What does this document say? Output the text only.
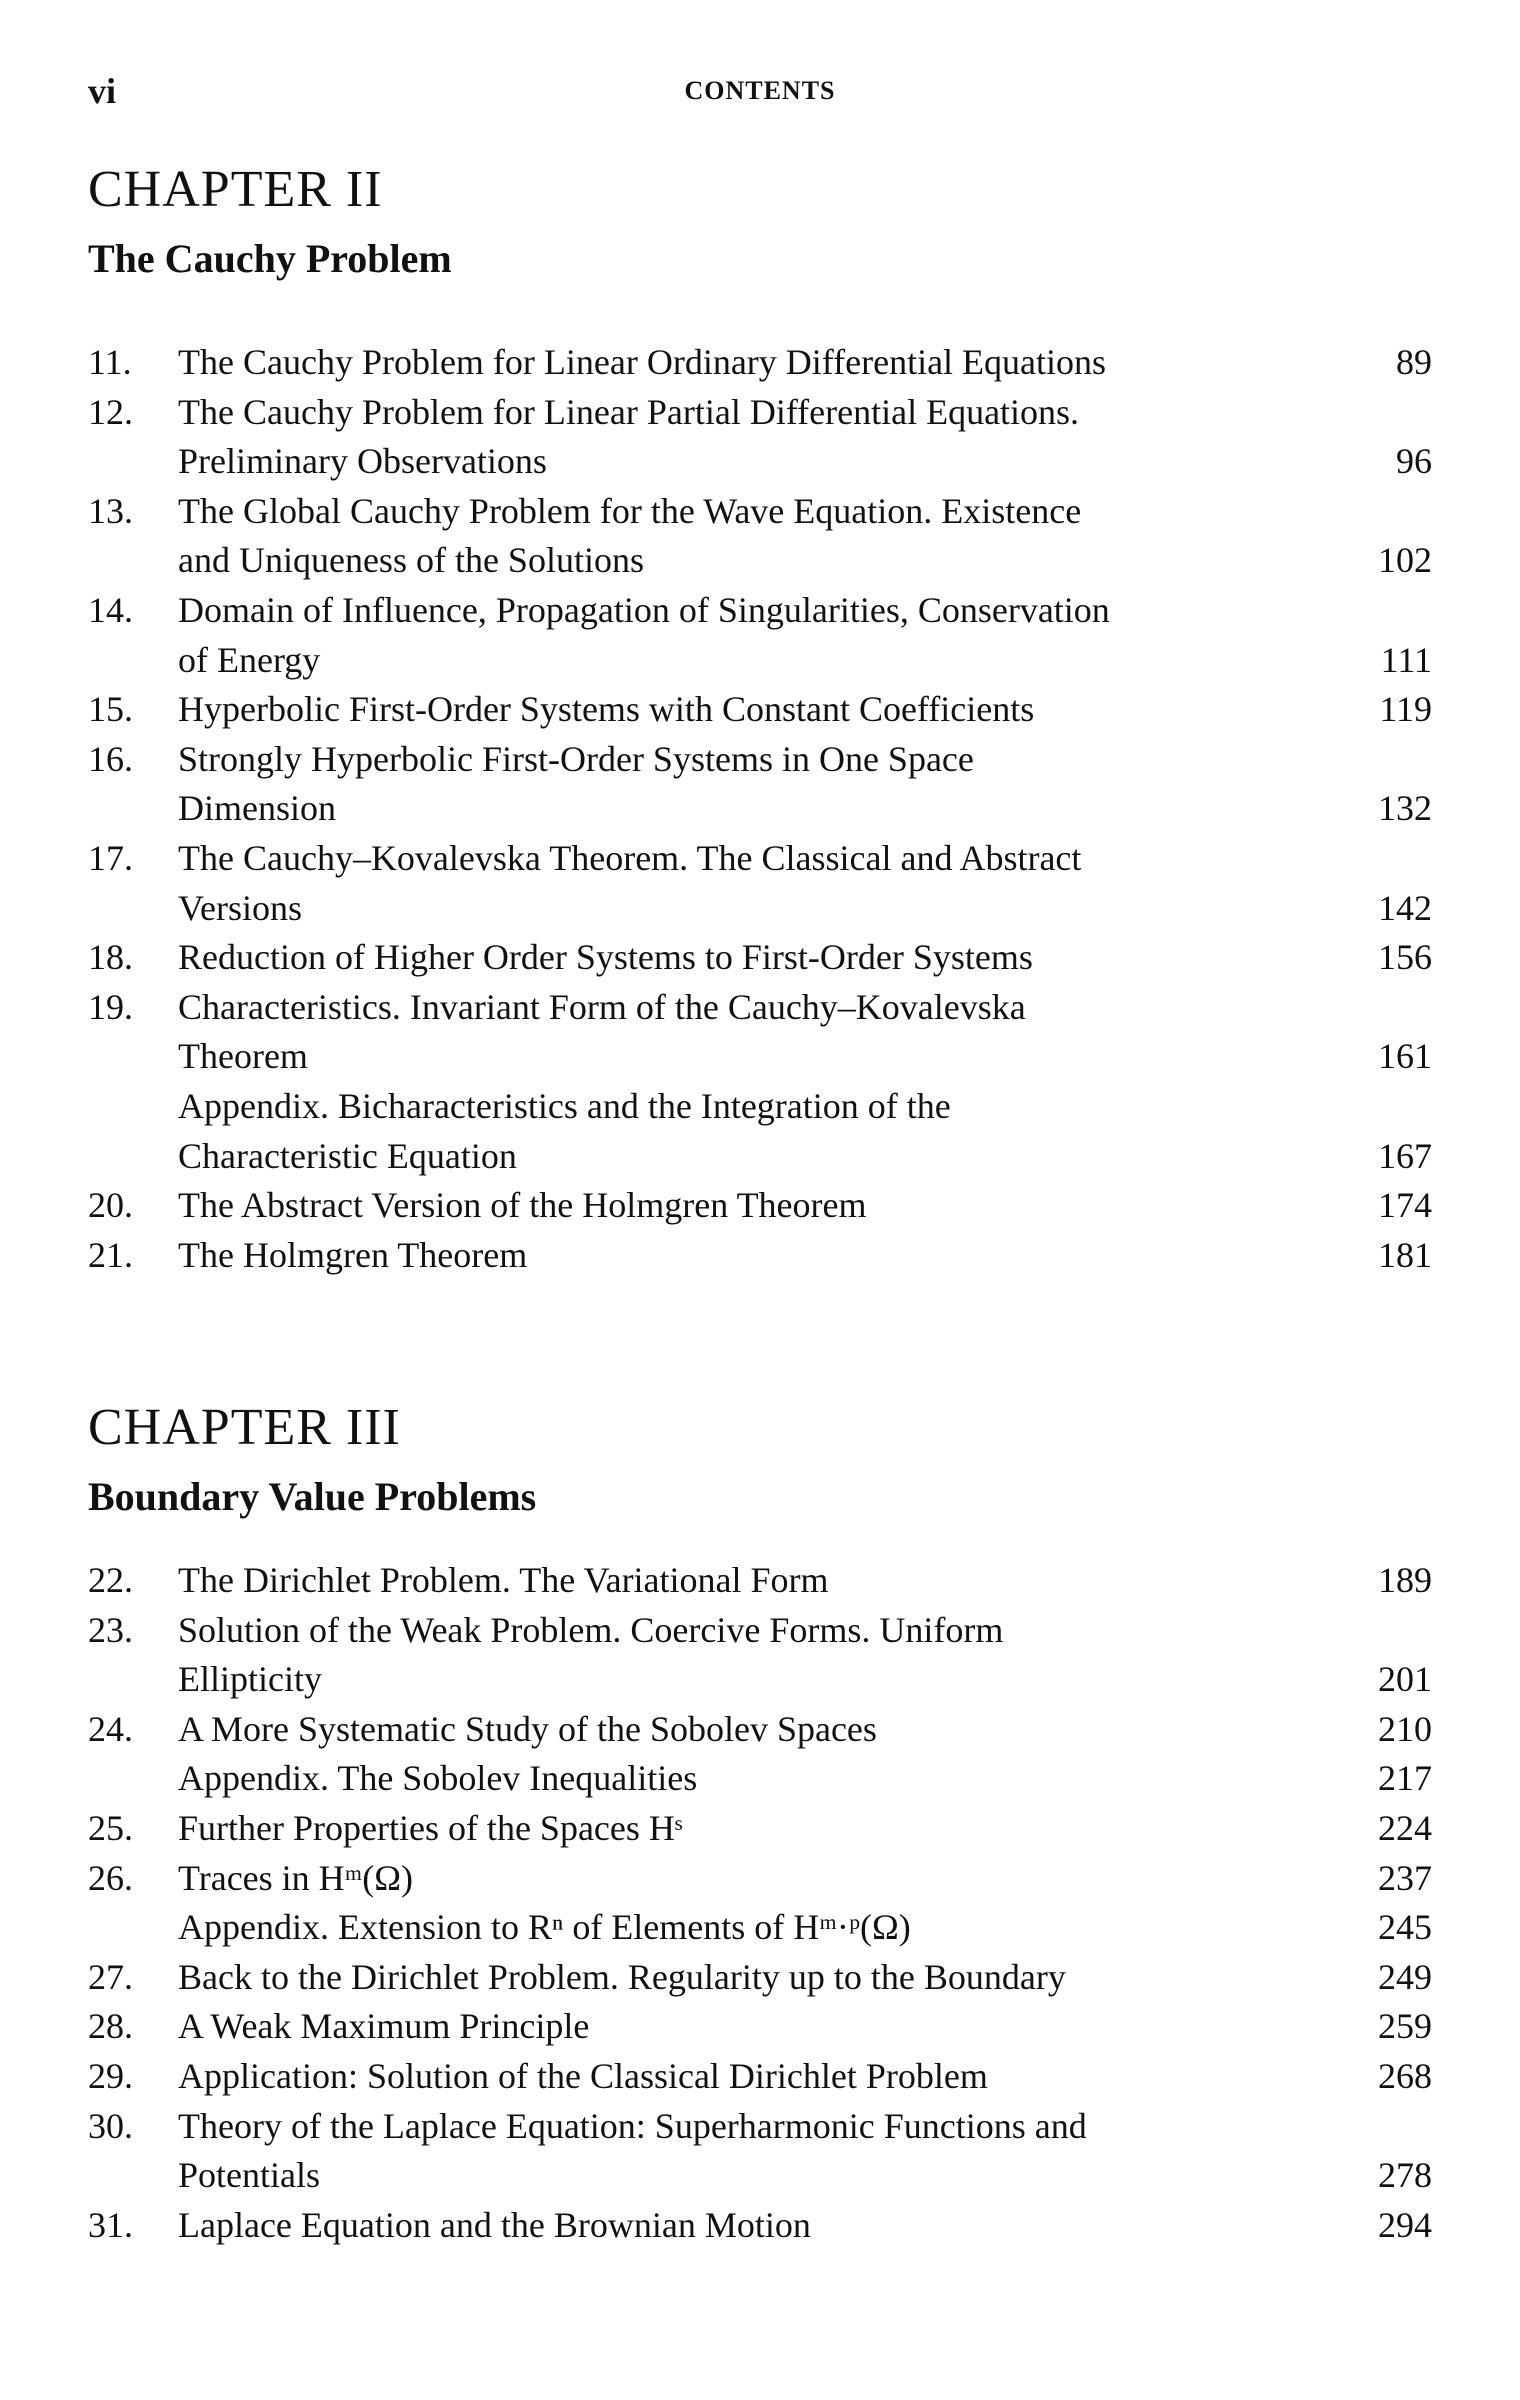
vi	CONTENTS
CHAPTER II
The Cauchy Problem
11.	The Cauchy Problem for Linear Ordinary Differential Equations	89
12.	The Cauchy Problem for Linear Partial Differential Equations.
Preliminary Observations	96
13.	The Global Cauchy Problem for the Wave Equation. Existence
and Uniqueness of the Solutions	102
14.	Domain of Influence, Propagation of Singularities, Conservation
of Energy	111
15.	Hyperbolic First-Order Systems with Constant Coefficients	119
16.	Strongly Hyperbolic First-Order Systems in One Space
Dimension	132
17.	The Cauchy–Kovalevska Theorem. The Classical and Abstract
Versions	142
18.	Reduction of Higher Order Systems to First-Order Systems	156
19.	Characteristics. Invariant Form of the Cauchy–Kovalevska
Theorem	161
Appendix. Bicharacteristics and the Integration of the
Characteristic Equation	167
20.	The Abstract Version of the Holmgren Theorem	174
21.	The Holmgren Theorem	181
CHAPTER III
Boundary Value Problems
22.	The Dirichlet Problem. The Variational Form	189
23.	Solution of the Weak Problem. Coercive Forms. Uniform
Ellipticity	201
24.	A More Systematic Study of the Sobolev Spaces	210
Appendix. The Sobolev Inequalities	217
25.	Further Properties of the Spaces Hˢ	224
26.	Traces in Hᵐ(Ω)	237
Appendix. Extension to Rⁿ of Elements of Hᵐ·ᵖ(Ω)	245
27.	Back to the Dirichlet Problem. Regularity up to the Boundary	249
28.	A Weak Maximum Principle	259
29.	Application: Solution of the Classical Dirichlet Problem	268
30.	Theory of the Laplace Equation: Superharmonic Functions and
Potentials	278
31.	Laplace Equation and the Brownian Motion	294
